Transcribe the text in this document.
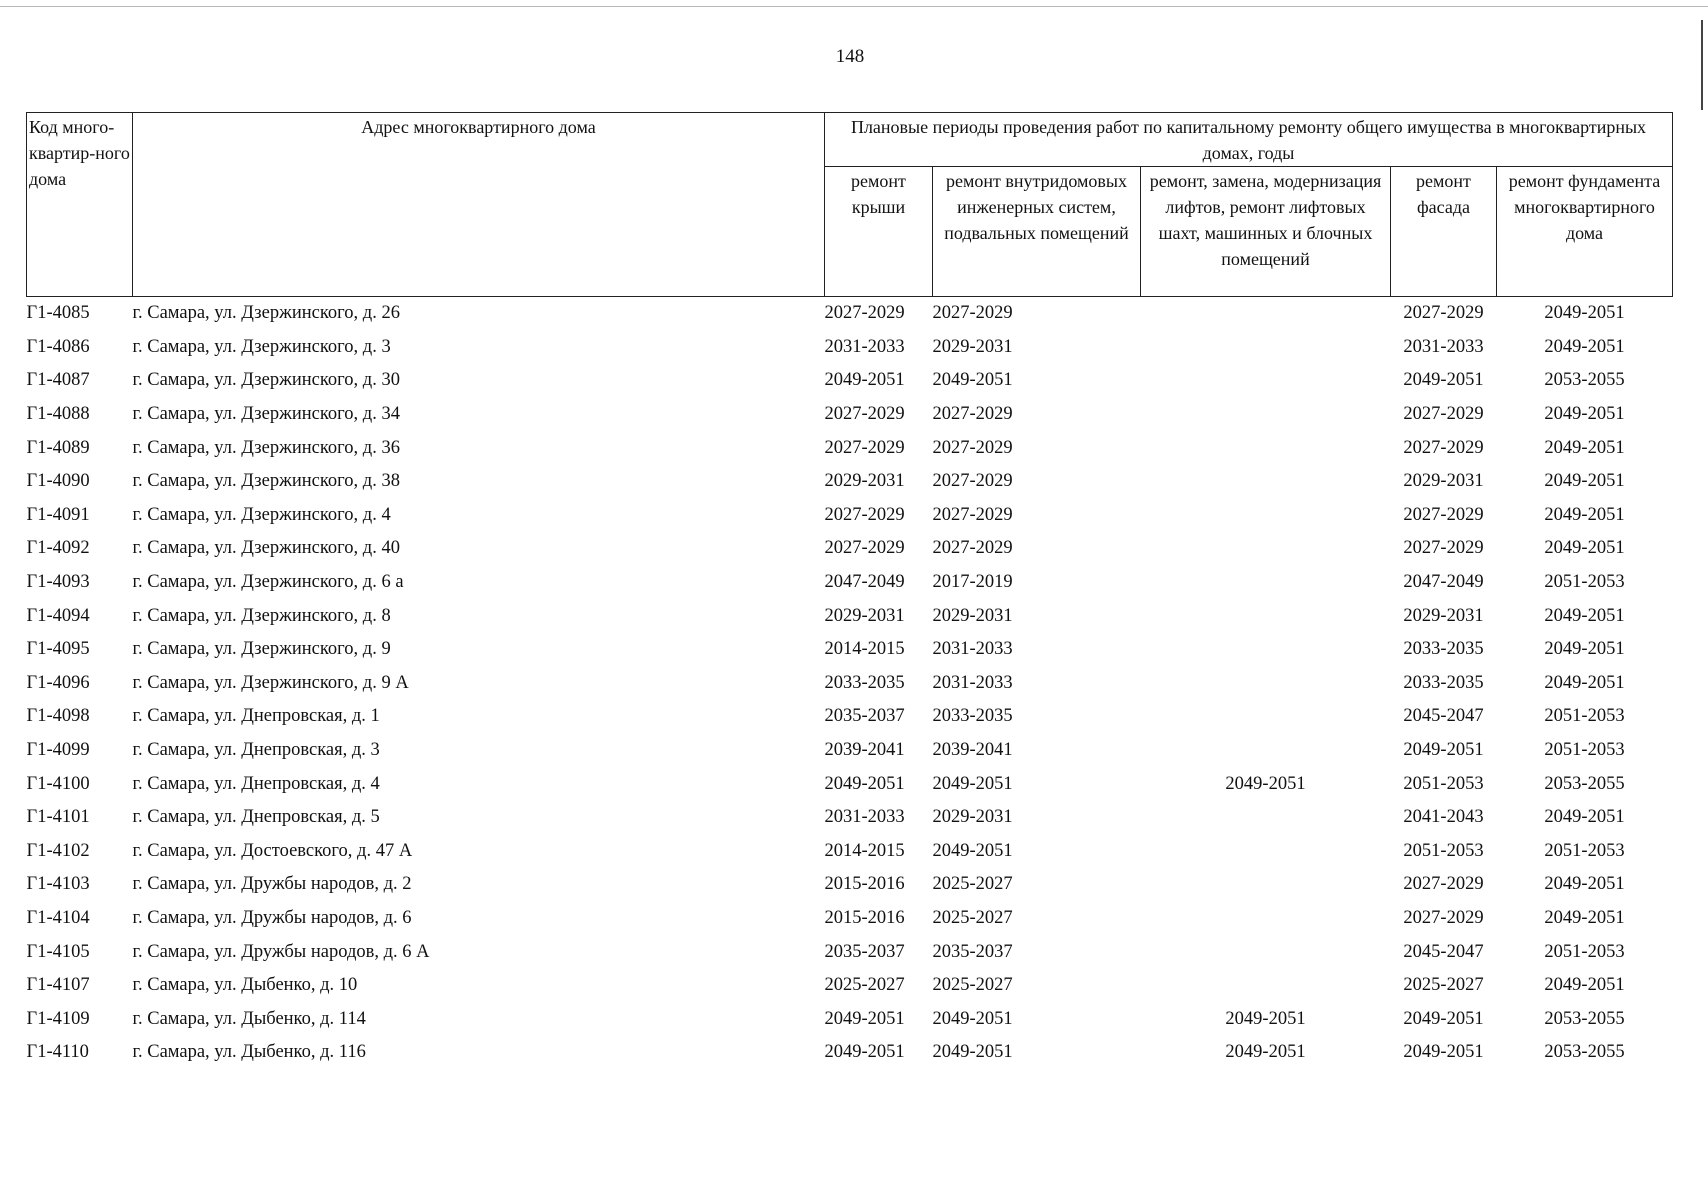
148
Код много-квартир-ного дома	Адрес многоквартирного дома	Плановые периоды проведения работ по капитальному ремонту общего имущества в многоквартирных домах, годы				
		ремонт крыши	ремонт внутридомовых инженерных систем, подвальных помещений	ремонт, замена, модернизация лифтов, ремонт лифтовых шахт, машинных и блочных помещений	ремонт фасада	ремонт фундамента многоквартирного дома
Г1-4085	г. Самара, ул. Дзержинского, д. 26	2027-2029	2027-2029		2027-2029	2049-2051
Г1-4086	г. Самара, ул. Дзержинского, д. 3	2031-2033	2029-2031		2031-2033	2049-2051
Г1-4087	г. Самара, ул. Дзержинского, д. 30	2049-2051	2049-2051		2049-2051	2053-2055
Г1-4088	г. Самара, ул. Дзержинского, д. 34	2027-2029	2027-2029		2027-2029	2049-2051
Г1-4089	г. Самара, ул. Дзержинского, д. 36	2027-2029	2027-2029		2027-2029	2049-2051
Г1-4090	г. Самара, ул. Дзержинского, д. 38	2029-2031	2027-2029		2029-2031	2049-2051
Г1-4091	г. Самара, ул. Дзержинского, д. 4	2027-2029	2027-2029		2027-2029	2049-2051
Г1-4092	г. Самара, ул. Дзержинского, д. 40	2027-2029	2027-2029		2027-2029	2049-2051
Г1-4093	г. Самара, ул. Дзержинского, д. 6 а	2047-2049	2017-2019		2047-2049	2051-2053
Г1-4094	г. Самара, ул. Дзержинского, д. 8	2029-2031	2029-2031		2029-2031	2049-2051
Г1-4095	г. Самара, ул. Дзержинского, д. 9	2014-2015	2031-2033		2033-2035	2049-2051
Г1-4096	г. Самара, ул. Дзержинского, д. 9 А	2033-2035	2031-2033		2033-2035	2049-2051
Г1-4098	г. Самара, ул. Днепровская, д. 1	2035-2037	2033-2035		2045-2047	2051-2053
Г1-4099	г. Самара, ул. Днепровская, д. 3	2039-2041	2039-2041		2049-2051	2051-2053
Г1-4100	г. Самара, ул. Днепровская, д. 4	2049-2051	2049-2051	2049-2051	2051-2053	2053-2055
Г1-4101	г. Самара, ул. Днепровская, д. 5	2031-2033	2029-2031		2041-2043	2049-2051
Г1-4102	г. Самара, ул. Достоевского, д. 47 А	2014-2015	2049-2051		2051-2053	2051-2053
Г1-4103	г. Самара, ул. Дружбы народов, д. 2	2015-2016	2025-2027		2027-2029	2049-2051
Г1-4104	г. Самара, ул. Дружбы народов, д. 6	2015-2016	2025-2027		2027-2029	2049-2051
Г1-4105	г. Самара, ул. Дружбы народов, д. 6 А	2035-2037	2035-2037		2045-2047	2051-2053
Г1-4107	г. Самара, ул. Дыбенко, д. 10	2025-2027	2025-2027		2025-2027	2049-2051
Г1-4109	г. Самара, ул. Дыбенко, д. 114	2049-2051	2049-2051	2049-2051	2049-2051	2053-2055
Г1-4110	г. Самара, ул. Дыбенко, д. 116	2049-2051	2049-2051	2049-2051	2049-2051	2053-2055
